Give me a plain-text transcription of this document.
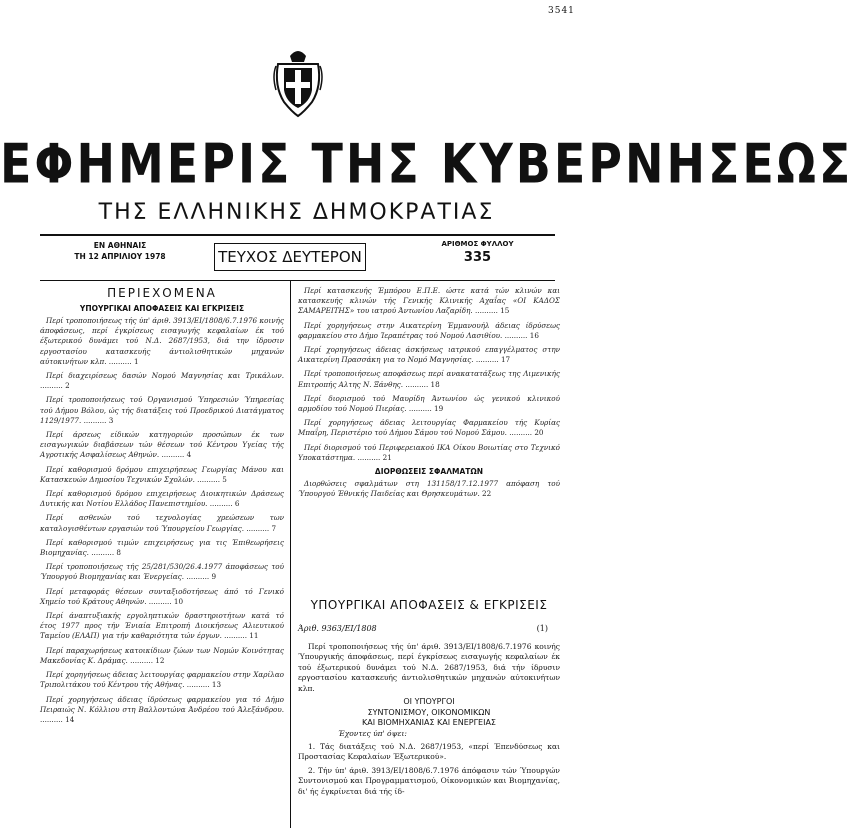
3541
ΕΦΗΜΕΡΙΣ ΤΗΣ ΚΥΒΕΡΝΗΣΕΩΣ
ΤΗΣ ΕΛΛΗΝΙΚΗΣ ΔΗΜΟΚΡΑΤΙΑΣ
ΕΝ ΑΘΗΝΑΙΣ
ΤΗ 12 ΑΠΡΙΛΙΟΥ 1978	ΤΕΥΧΟΣ ΔΕΥΤΕΡΟΝ
ΑΡΙΘΜΟΣ ΦΥΛΛΟΥ
335
ΠΕΡΙΕΧΟΜΕΝΑ
ΥΠΟΥΡΓΙΚΑΙ ΑΠΟΦΑΣΕΙΣ ΚΑΙ ΕΓΚΡΙΣΕΙΣ

Περί τροποποιήσεως τής ύπ' άριθ. 3913/ΕΙ/1808/6.7.1976 κοινής άποφάσεως, περί έγκρίσεως εισαγωγής κεφαλαίων έκ τού έξωτερικού δυνάμει τού Ν.Δ. 2687/1953, διά την ίδρυσιν εργοστασίου κατασκευής άντιολισθητικών μηχανών αύτοκινήτων κλπ. .......... 1

Περί διαχειρίσεως δασών Νομού Μαγνησίας και Τρικάλων. .......... 2

Περί τροποποιήσεως τού Όργανισμού Ύπηρεσιών Ύπηρεσίας τού Δήμου Βόλου, ώς τής διατάξεις τού Προεδρικού Διατάγματος 1129/1977. .......... 3

Περί άρσεως είδικών κατηγοριών προσώπων έκ των εισαγωγικών διαβάσεων τών θέσεων τού Κέντρου Υγείας τής Αγροτικής Ασφαλίσεως Αθηνών. .......... 4

Περί καθορισμού δρόμου επιχειρήσεως Γεωργίας Μάνου και Κατασκευών Δημοσίου Τεχνικών Σχολών. .......... 5

Περί καθορισμού δρόμου επιχειρήσεως Διοικητικών Δράσεως Δυτικής και Νοτίου Ελλάδος Πανεπιστημίου. .......... 6

Περί ασθενών τού τεχνολογίας χρεώσεων των καταλογισθέντων εργασιών τού Ύπουργείου Γεωργίας. .......... 7

Περί καθορισμού τιμών επιχειρήσεως για τις Έπιθεωρήσεις Βιομηχανίας. .......... 8

Περί τροποποιήσεως τής 25/281/530/26.4.1977 άποφάσεως τού Ύπουργού Βιομηχανίας και Ένεργείας. .......... 9

Περί μεταφοράς θέσεων συνταξιοδοτήσεως άπό τό Γενικό Χημείο τού Κράτους Αθηνών. .......... 10

Περί άναπτυξιακής εργοληπτικών δραστηριοτήτων κατά τό έτος 1977 προς τήν Ένιαία Επιτροπή Διοικήσεως Αλιευτικού Ταμείου (ΕΛΑΠ) για τήν καθαριότητα τών έργων. .......... 11

Περί παραχωρήσεως κατοικίδιων ζώων των Νομών Κοινότητας Μακεδονίας Κ. Δράμας. .......... 12

Περί χορηγήσεως άδειας λειτουργίας φαρμακείου στην Χαρίλαο Τριπολιτάκου τού Κέντρου τής Αθήνας. .......... 13

Περί χορηγήσεως άδειας ίδρύσεως φαρμακείου για τό Δήμο Πειραιώς Ν. Κόλλιου στη Βαλλοντώνα Άνδρέου τού Άλεξάνδρου. .......... 14

Περί κατασκευής Έμπόρου Ε.Π.Ε. ώστε κατά τών κλινών και κατασκευής κλινών τής Γενικής Κλινικής Αχαΐας «ΟΙ ΚΑΔΟΣ ΣΑΜΑΡΕΙΤΗΣ» του ιατρού Άντωνίου Λαζαρίδη. .......... 15

Περί χορηγήσεως στην Αικατερίνη Έμμανουήλ άδειας ίδρύσεως φαρμακείου στο Δήμο Ίεραπέτρας τού Νομού Λασιθίου. .......... 16

Περί χορηγήσεως άδειας άσκήσεως ιατρικού επαγγέλματος στην Αικατερίνη Πρασσάκη για το Νομό Μαγνησίας. .......... 17

Περί τροποποιήσεως αποφάσεως περί ανακατατάξεως της Λιμενικής Επιτροπής Αλτης Ν. Ξάνθης. .......... 18

Περί διορισμού τού Μαυρίδη Άντωνίου ώς γενικού κλινικού αρμοδίου τού Νομού Πιερίας. .......... 19

Περί χορηγήσεως άδειας λειτουργίας Φαρμακείου τής Κυρίας Μπαΐρη, Περιστέριο τού Δήμου Σάμου τού Νομού Σάμου. .......... 20

Περί διορισμού τού Περιφερειακού ΙΚΑ Οίκου Βοιωτίας στο Τεχνικό Υποκατάστημα. .......... 21

ΔΙΟΡΘΩΣΕΙΣ ΣΦΑΛΜΑΤΩΝ

Διορθώσεις σφαλμάτων στη 131158/17.12.1977 απόφαση τού Ύπουργού Έθνικής Παιδείας και Θρησκευμάτων. 22

ΥΠΟΥΡΓΙΚΑΙ ΑΠΟΦΑΣΕΙΣ & ΕΓΚΡΙΣΕΙΣ
Άριθ. 9363/ΕΙ/1808	(1)

Περί τροποποιήσεως τής ύπ' άριθ. 3913/ΕΙ/1808/6.7.1976 κοινής Ύπουργικής άποφάσεως, περί έγκρίσεως εισαγωγής κεφαλαίων έκ τού έξωτερικού δυνάμει τού Ν.Δ. 2687/1953, διά τήν ίδρυσιν εργοστασίου κατασκευής άντιολισθητικών μηχανών αύτοκινήτων κλπ.

ΟΙ ΥΠΟΥΡΓΟΙ
ΣΥΝΤΟΝΙΣΜΟΥ, ΟΙΚΟΝΟΜΙΚΩΝ
ΚΑΙ ΒΙΟΜΗΧΑΝΙΑΣ ΚΑΙ ΕΝΕΡΓΕΙΑΣ

Έχοντες ύπ' όψει:

1. Τάς διατάξεις τού Ν.Δ. 2687/1953, «περί Έπενδύσεως και Προστασίας Κεφαλαίων Έξωτερικού».

2. Τήν ύπ' άριθ. 3913/ΕΙ/1808/6.7.1976 άπόφασιν τών Ύπουργών Συντονισμού και Προγραμματισμού, Οίκονομικών και Βιομηχανίας, δι' ής έγκρίνεται διά τής ίδ-
